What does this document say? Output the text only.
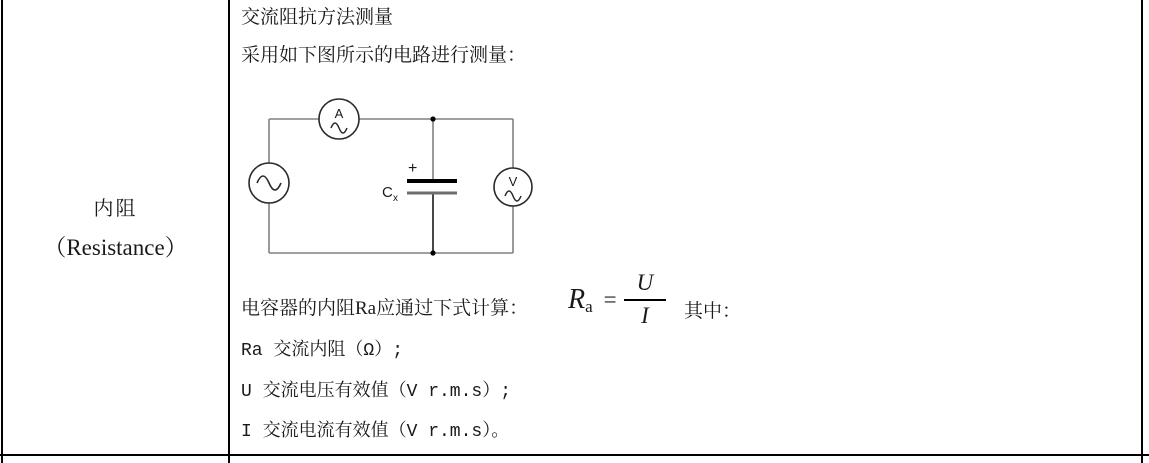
内阻
（Resistance）
交流阻抗方法测量
采用如下图所示的电路进行测量：
A
V
+
C x
电容器的内阻Ra应通过下式计算： R $a = \frac{U}{I}$ 其中：
Ra 交流内阻（Ω）;
U 交流电压有效值（V r.m.s）;
I 交流电流有效值（V r.m.s）。
